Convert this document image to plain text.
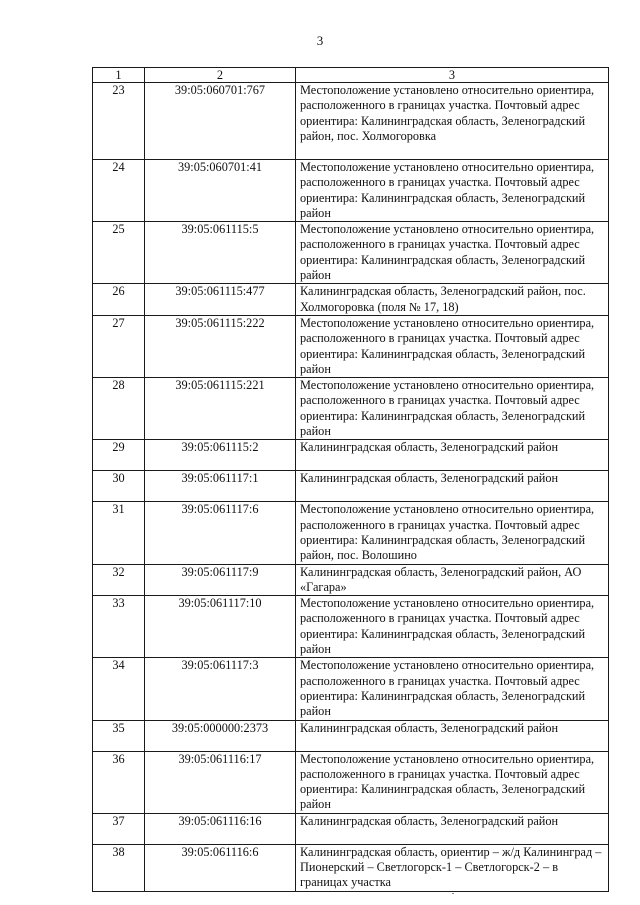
3
1	2	3
23	39:05:060701:767	Местоположение установлено относительно ориентира, расположенного в границах участка. Почтовый адрес ориентира: Калининградская область, Зеленоградский район, пос. Холмогоровка
24	39:05:060701:41	Местоположение установлено относительно ориентира, расположенного в границах участка. Почтовый адрес ориентира: Калининградская область, Зеленоградский район
25	39:05:061115:5	Местоположение установлено относительно ориентира, расположенного в границах участка. Почтовый адрес ориентира: Калининградская область, Зеленоградский район
26	39:05:061115:477	Калининградская область, Зеленоградский район, пос. Холмогоровка (поля № 17, 18)
27	39:05:061115:222	Местоположение установлено относительно ориентира, расположенного в границах участка. Почтовый адрес ориентира: Калининградская область, Зеленоградский район
28	39:05:061115:221	Местоположение установлено относительно ориентира, расположенного в границах участка. Почтовый адрес ориентира: Калининградская область, Зеленоградский район
29	39:05:061115:2	Калининградская область, Зеленоградский район
30	39:05:061117:1	Калининградская область, Зеленоградский район
31	39:05:061117:6	Местоположение установлено относительно ориентира, расположенного в границах участка. Почтовый адрес ориентира: Калининградская область, Зеленоградский район, пос. Волошино
32	39:05:061117:9	Калининградская область, Зеленоградский район, АО «Гагара»
33	39:05:061117:10	Местоположение установлено относительно ориентира, расположенного в границах участка. Почтовый адрес ориентира: Калининградская область, Зеленоградский район
34	39:05:061117:3	Местоположение установлено относительно ориентира, расположенного в границах участка. Почтовый адрес ориентира: Калининградская область, Зеленоградский район
35	39:05:000000:2373	Калининградская область, Зеленоградский район
36	39:05:061116:17	Местоположение установлено относительно ориентира, расположенного в границах участка. Почтовый адрес ориентира: Калининградская область, Зеленоградский район
37	39:05:061116:16	Калининградская область, Зеленоградский район
38	39:05:061116:6	Калининградская область, ориентир – ж/д Калининград – Пионерский – Светлогорск-1 – Светлогорск-2 – в границах участка
